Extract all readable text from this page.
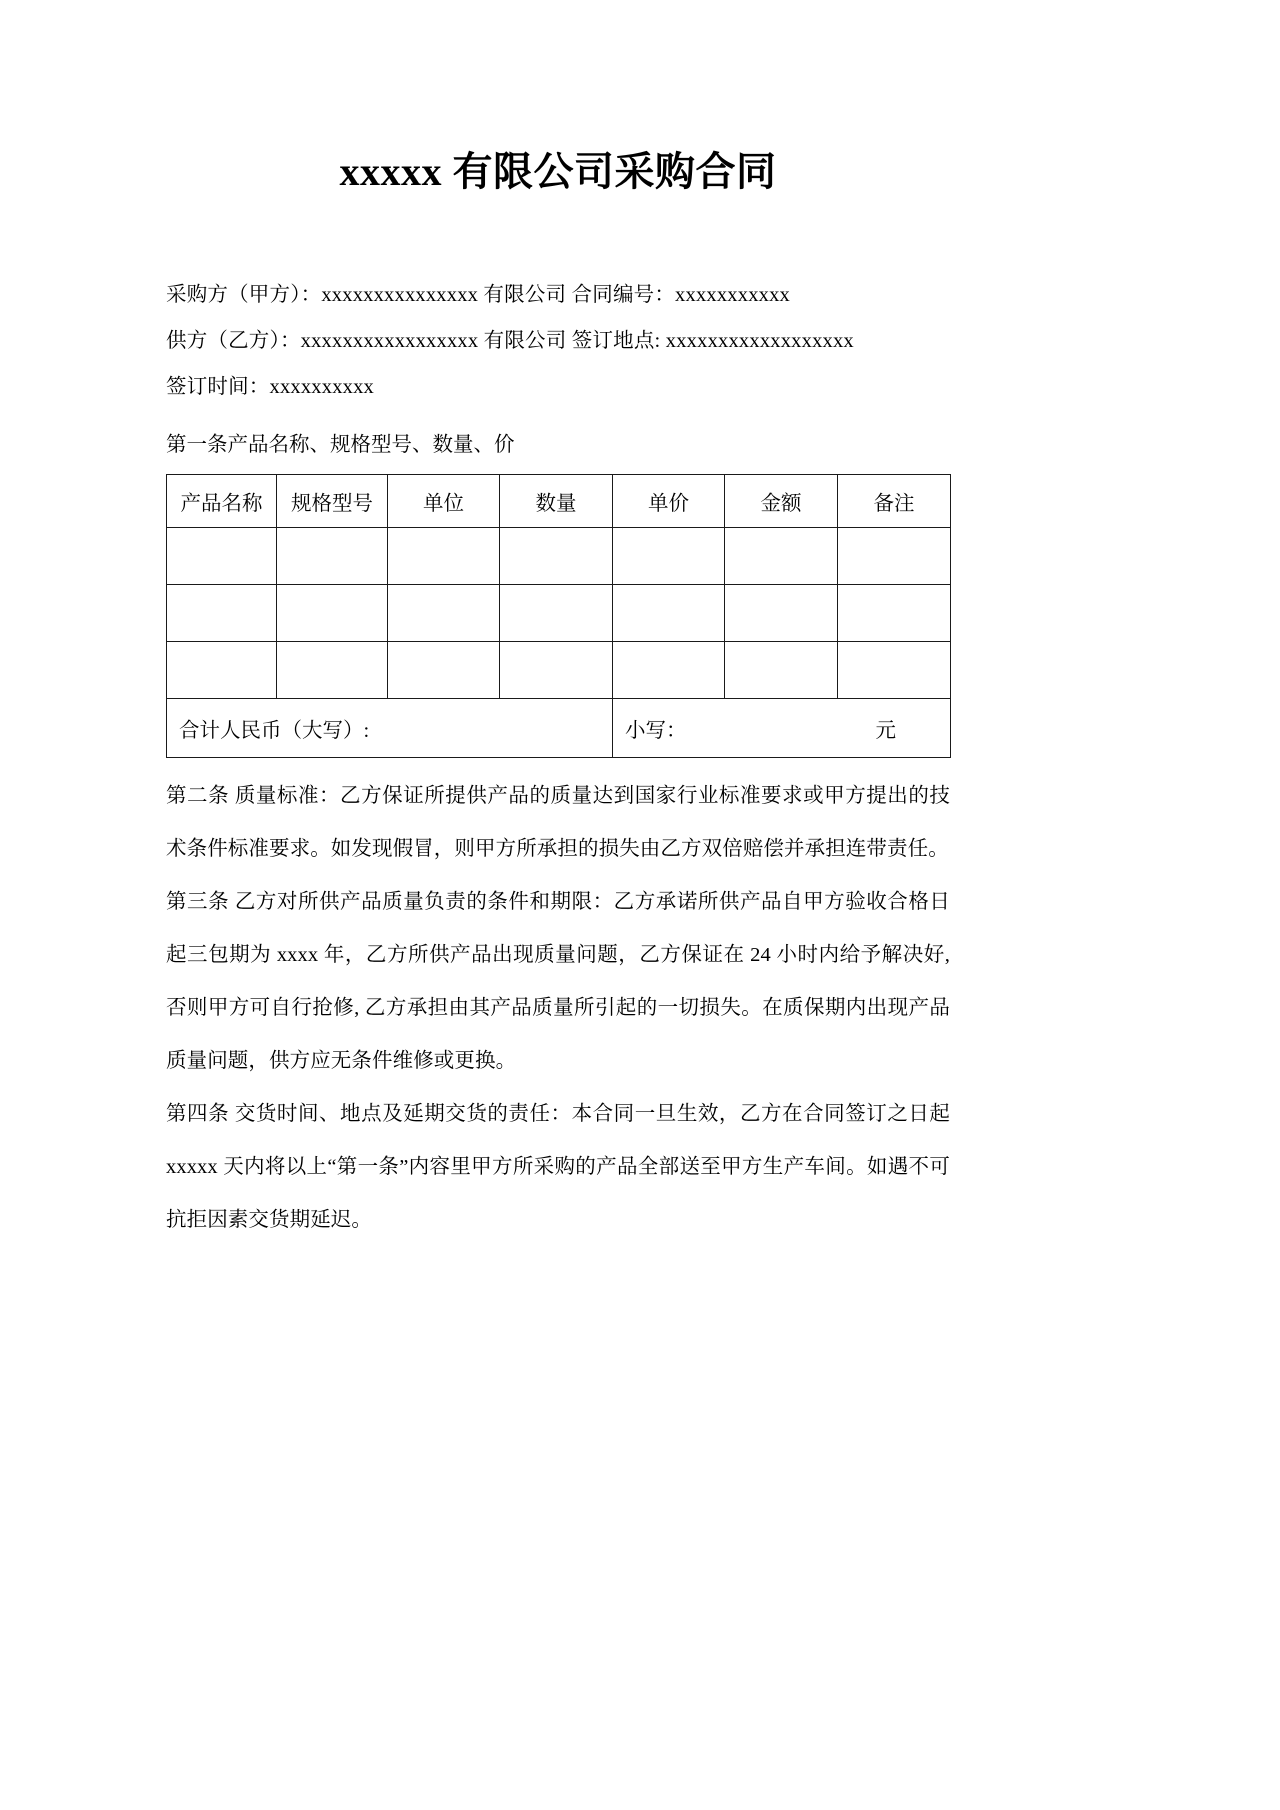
xxxxx 有限公司采购合同
采购方（甲方）：xxxxxxxxxxxxxxx 有限公司 合同编号：xxxxxxxxxxx
供方（乙方）：xxxxxxxxxxxxxxxxx 有限公司 签订地点: xxxxxxxxxxxxxxxxxx
签订时间：xxxxxxxxxx
第一条产品名称、规格型号、数量、价
产品名称	规格型号	单位	数量	单价	金额	备注

合计人民币（大写）:				小写： 元		

第二条 质量标准：乙方保证所提供产品的质量达到国家行业标准要求或甲方提出的技术条件标准要求。如发现假冒，则甲方所承担的损失由乙方双倍赔偿并承担连带责任。

第三条 乙方对所供产品质量负责的条件和期限：乙方承诺所供产品自甲方验收合格日起三包期为 xxxx 年，乙方所供产品出现质量问题，乙方保证在 24 小时内给予解决好, 否则甲方可自行抢修, 乙方承担由其产品质量所引起的一切损失。在质保期内出现产品质量问题，供方应无条件维修或更换。

第四条 交货时间、地点及延期交货的责任：本合同一旦生效，乙方在合同签订之日起 xxxxx 天内将以上“第一条”内容里甲方所采购的产品全部送至甲方生产车间。如遇不可抗拒因素交货期延迟。
